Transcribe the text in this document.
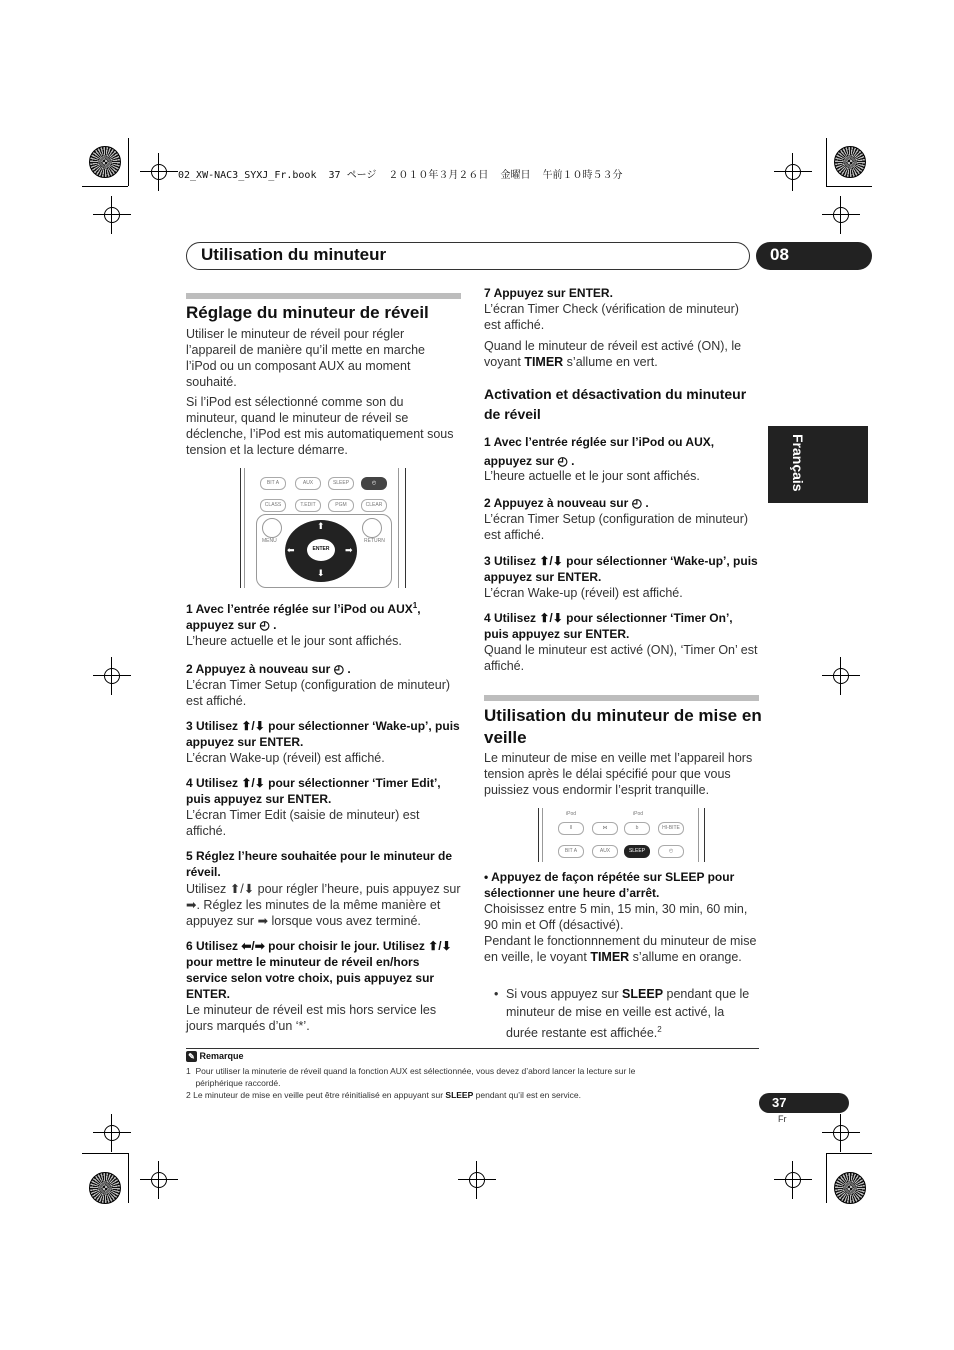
02_XW-NAC3_SYXJ_Fr.book  37 ページ  ２０１０年３月２６日  金曜日  午前１０時５３分
Utilisation du minuteur	08
Français
Réglage du minuteur de réveil
Utiliser le minuteur de réveil pour régler l’appareil de manière qu’il mette en marche l’iPod ou un composant AUX au moment souhaité.
Si l’iPod est sélectionné comme son du minuteur, quand le minuteur de réveil se déclenche, l’iPod est mis automatiquement sous tension et la lecture démarre.
BIT A	AUX	SLEEP	◴
CLASS	T.EDIT	PGM	CLEAR
MENU	RETURN
ENTER
⬆
⬇
⬅	➡
1 Avec l’entrée réglée sur l’iPod ou AUX$^1$, appuyez sur ◴ .
L’heure actuelle et le jour sont affichés.
2 Appuyez à nouveau sur ◴ .
L’écran Timer Setup (configuration de minuteur) est affiché.
3 Utilisez ⬆/⬇ pour sélectionner ‘Wake-up’, puis appuyez sur ENTER.
L’écran Wake-up (réveil) est affiché.
4 Utilisez ⬆/⬇ pour sélectionner ‘Timer Edit’, puis appuyez sur ENTER.
L’écran Timer Edit (saisie de minuteur) est affiché.
5 Réglez l’heure souhaitée pour le minuteur de réveil.
Utilisez ⬆/⬇ pour régler l’heure, puis appuyez sur ➡. Réglez les minutes de la même manière et appuyez sur ➡ lorsque vous avez terminé.
6 Utilisez ⬅/➡ pour choisir le jour. Utilisez ⬆/⬇ pour mettre le minuteur de réveil en/hors service selon votre choix, puis appuyez sur ENTER.
Le minuteur de réveil est mis hors service les jours marqués d’un ‘*’.
7 Appuyez sur ENTER.
L’écran Timer Check (vérification de minuteur) est affiché.
Quand le minuteur de réveil est activé (ON), le voyant TIMER s’allume en vert.
Activation et désactivation du minuteur de réveil
1 Avec l’entrée réglée sur l’iPod ou AUX, appuyez sur ◴ .
L’heure actuelle et le jour sont affichés.
2 Appuyez à nouveau sur ◴ .
L’écran Timer Setup (configuration de minuteur) est affiché.
3 Utilisez ⬆/⬇ pour sélectionner ‘Wake-up’, puis appuyez sur ENTER.
L’écran Wake-up (réveil) est affiché.
4 Utilisez ⬆/⬇ pour sélectionner ‘Timer On’, puis appuyez sur ENTER.
Quand le minuteur est activé (ON), ‘Timer On’ est affiché.
Utilisation du minuteur de mise en veille
Le minuteur de mise en veille met l’appareil hors tension après le délai spécifié pour que vous puissiez vous endormir l’esprit tranquille.
iPod	iPod
II	⋈	b	HI-BITE
BIT A	AUX	SLEEP	◴
• Appuyez de façon répétée sur SLEEP pour sélectionner une heure d’arrêt.
Choisissez entre 5 min, 15 min, 30 min, 60 min, 90 min et Off (désactivé).
Pendant le fonctionnnement du minuteur de mise en veille, le voyant TIMER s’allume en orange.
• Si vous appuyez sur SLEEP pendant que le minuteur de mise en veille est activé, la durée restante est affichée.$^2$
✎ Remarque
1  Pour utiliser la minuterie de réveil quand la fonction AUX est sélectionnée, vous devez d’abord lancer la lecture sur le
périphérique raccordé.
2 Le minuteur de mise en veille peut être réinitialisé en appuyant sur SLEEP pendant qu’il est en service.	37
Fr
